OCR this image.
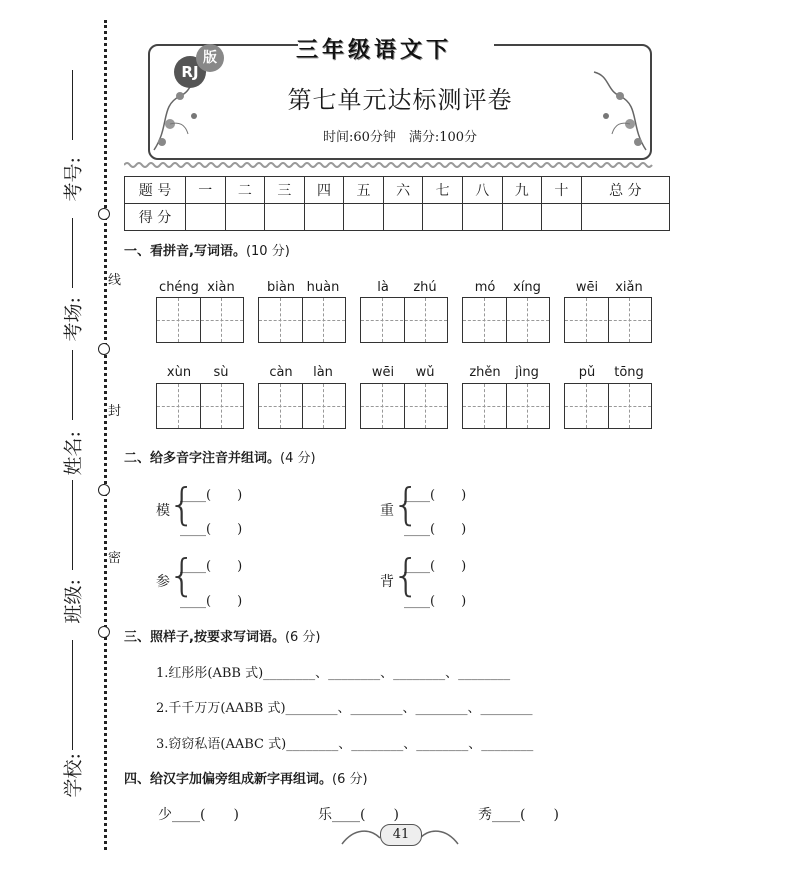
线
封
密
考号:
考场:
姓名:
班级:
学校:
三年级语文下
RJ
版
第七单元达标测评卷
时间:60分钟　满分:100分
题 号	一	二	三	四	五	六	七	八	九	十	总 分
得 分											
一、看拼音,写词语。(10 分)
chéng xiàn	biàn huàn	là zhú	mó xíng	wēi xiǎn
xùn sù	càn làn	wēi wǔ	zhěn jìng	pǔ tōng
二、给多音字注音并组词。(4 分)
模
{
____(　　)
____(　　)
重
{
____(　　)
____(　　)
参
{
____(　　)
____(　　)
背
{
____(　　)
____(　　)
三、照样子,按要求写词语。(6 分)
1.红彤彤(ABB 式)________、________、________、________
2.千千万万(AABB 式)________、________、________、________
3.窃窃私语(AABC 式)________、________、________、________
四、给汉字加偏旁组成新字再组词。(6 分)
少____(　　)	乐____(　　)	秀____(　　)
41
